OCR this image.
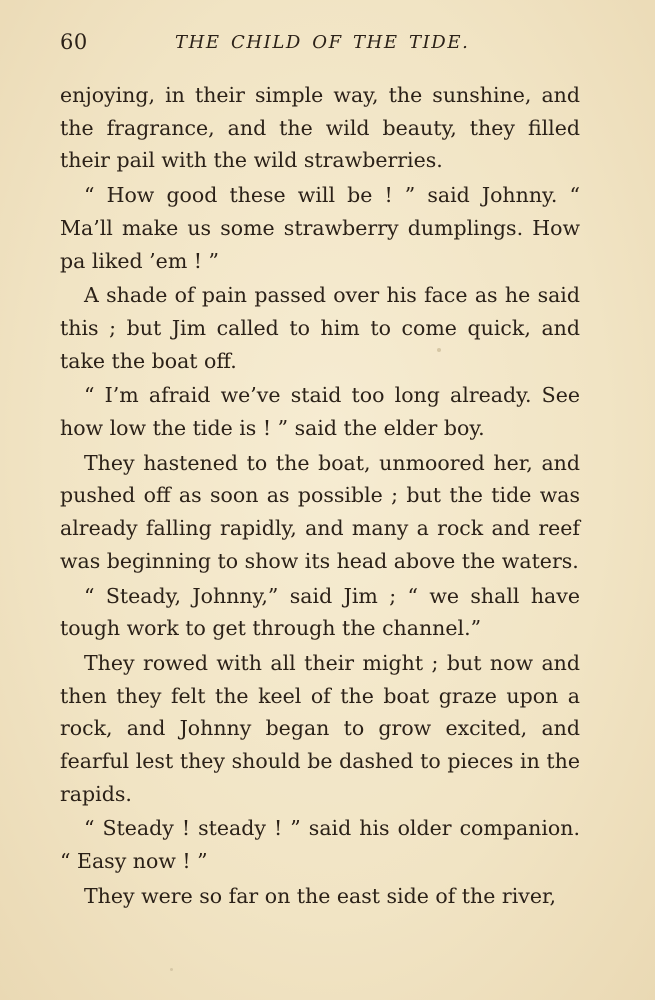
60	THE CHILD OF THE TIDE.

enjoying, in their simple way, the sunshine, and the fragrance, and the wild beauty, they filled their pail with the wild strawberries.

“ How good these will be ! ” said Johnny. “ Ma’ll make us some strawberry dumplings. How pa liked ’em ! ”

A shade of pain passed over his face as he said this ; but Jim called to him to come quick, and take the boat off.

“ I’m afraid we’ve staid too long already. See how low the tide is ! ” said the elder boy.

They hastened to the boat, unmoored her, and pushed off as soon as possible ; but the tide was already falling rapidly, and many a rock and reef was beginning to show its head above the waters.

“ Steady, Johnny,” said Jim ; “ we shall have tough work to get through the channel.”

They rowed with all their might ; but now and then they felt the keel of the boat graze upon a rock, and Johnny began to grow excited, and fearful lest they should be dashed to pieces in the rapids.

“ Steady ! steady ! ” said his older companion. “ Easy now ! ”

They were so far on the east side of the river,
